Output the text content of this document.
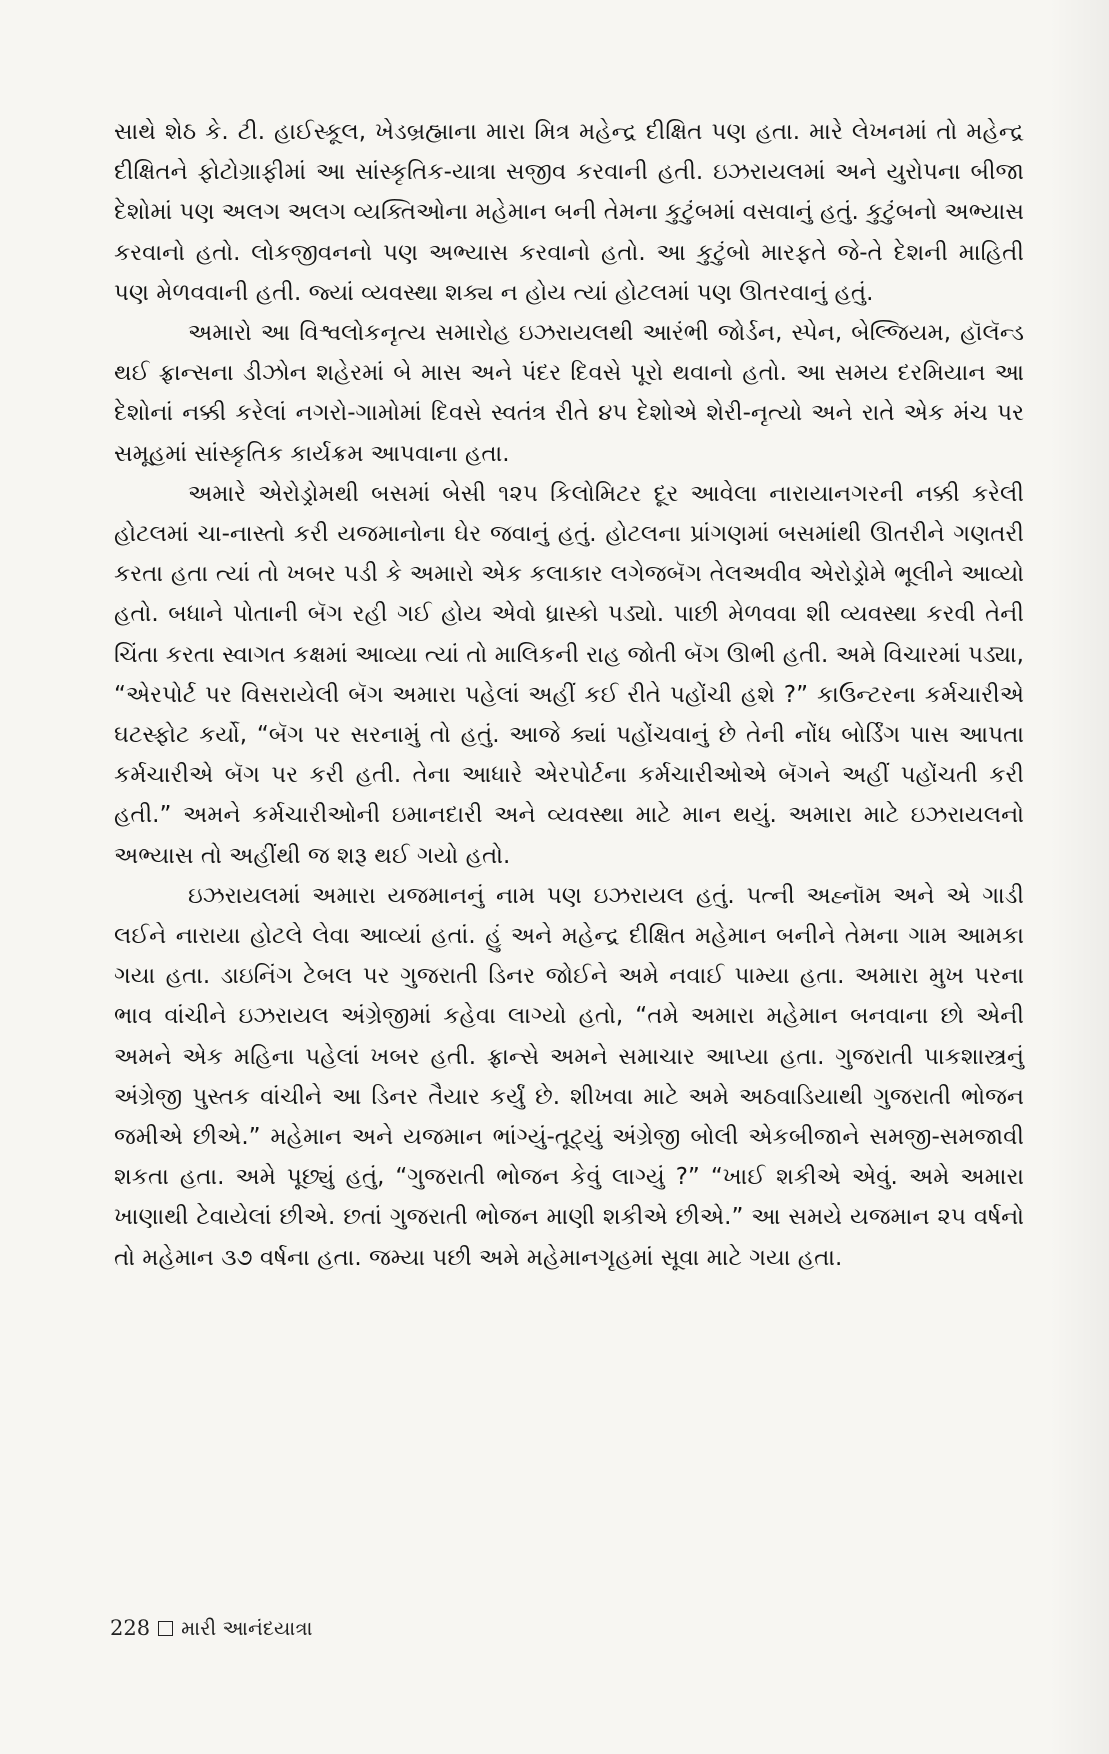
સાથે શેઠ કે. ટી. હાઈસ્કૂલ, ખેડબ્રહ્માના મારા મિત્ર મહેન્દ્ર દીક્ષિત પણ હતા. મારે લેખનમાં તો મહેન્દ્ર દીક્ષિતને ફોટોગ્રાફીમાં આ સાંસ્કૃતિક-યાત્રા સજીવ કરવાની હતી. ઇઝરાયલમાં અને યુરોપના બીજા દેશોમાં પણ અલગ અલગ વ્યક્તિઓના મહેમાન બની તેમના કુટુંબમાં વસવાનું હતું. કુટુંબનો અભ્યાસ કરવાનો હતો. લોકજીવનનો પણ અભ્યાસ કરવાનો હતો. આ કુટુંબો મારફતે જે-તે દેશની માહિતી પણ મેળવવાની હતી. જ્યાં વ્યવસ્થા શક્ય ન હોય ત્યાં હોટલમાં પણ ઊતરવાનું હતું.

અમારો આ વિશ્વલોકનૃત્ય સમારોહ ઇઝરાયલથી આરંભી જોર્ડન, સ્પેન, બેલ્જિયમ, હૉલૅન્ડ થઈ ફ્રાન્સના ડીઝોન શહેરમાં બે માસ અને પંદર દિવસે પૂરો થવાનો હતો. આ સમય દરમિયાન આ દેશોનાં નક્કી કરેલાં નગરો-ગામોમાં દિવસે સ્વતંત્ર રીતે ૪૫ દેશોએ શેરી-નૃત્યો અને રાતે એક મંચ પર સમૂહમાં સાંસ્કૃતિક કાર્યક્રમ આપવાના હતા.

અમારે એરોડ્રોમથી બસમાં બેસી ૧૨૫ કિલોમિટર દૂર આવેલા નારાયાનગરની નક્કી કરેલી હોટલમાં ચા-નાસ્તો કરી યજમાનોના ઘેર જવાનું હતું. હોટલના પ્રાંગણમાં બસમાંથી ઊતરીને ગણતરી કરતા હતા ત્યાં તો ખબર પડી કે અમારો એક કલાકાર લગેજબૅગ તેલઅવીવ એરોડ્રોમે ભૂલીને આવ્યો હતો. બધાને પોતાની બૅગ રહી ગઈ હોય એવો ધ્રાસ્કો પડ્યો. પાછી મેળવવા શી વ્યવસ્થા કરવી તેની ચિંતા કરતા સ્વાગત કક્ષમાં આવ્યા ત્યાં તો માલિકની રાહ જોતી બૅગ ઊભી હતી. અમે વિચારમાં પડ્યા, “એરપોર્ટ પર વિસરાયેલી બૅગ અમારા પહેલાં અહીં કઈ રીતે પહોંચી હશે ?” કાઉન્ટરના કર્મચારીએ ઘટસ્ફોટ કર્યો, “બૅગ પર સરનામું તો હતું. આજે ક્યાં પહોંચવાનું છે તેની નોંધ બોર્ડિંગ પાસ આપતા કર્મચારીએ બૅગ પર કરી હતી. તેના આધારે એરપોર્ટના કર્મચારીઓએ બૅગને અહીં પહોંચતી કરી હતી.” અમને કર્મચારીઓની ઇમાનદારી અને વ્યવસ્થા માટે માન થયું. અમારા માટે ઇઝરાયલનો અભ્યાસ તો અહીંથી જ શરૂ થઈ ગયો હતો.

ઇઝરાયલમાં અમારા યજમાનનું નામ પણ ઇઝરાયલ હતું. પત્ની અહ્નૉમ અને એ ગાડી લઈને નારાયા હોટલે લેવા આવ્યાં હતાં. હું અને મહેન્દ્ર દીક્ષિત મહેમાન બનીને તેમના ગામ આમકા ગયા હતા. ડાઇનિંગ ટેબલ પર ગુજરાતી ડિનર જોઈને અમે નવાઈ પામ્યા હતા. અમારા મુખ પરના ભાવ વાંચીને ઇઝરાયલ અંગ્રેજીમાં કહેવા લાગ્યો હતો, “તમે અમારા મહેમાન બનવાના છો એની અમને એક મહિના પહેલાં ખબર હતી. ફ્રાન્સે અમને સમાચાર આપ્યા હતા. ગુજરાતી પાકશાસ્ત્રનું અંગ્રેજી પુસ્તક વાંચીને આ ડિનર તૈયાર કર્યું છે. શીખવા માટે અમે અઠવાડિયાથી ગુજરાતી ભોજન જમીએ છીએ.” મહેમાન અને યજમાન ભાંગ્યું-તૂટ્યું અંગ્રેજી બોલી એકબીજાને સમજી-સમજાવી શકતા હતા. અમે પૂછ્યું હતું, “ગુજરાતી ભોજન કેવું લાગ્યું ?” “ખાઈ શકીએ એવું. અમે અમારા ખાણાથી ટેવાયેલાં છીએ. છતાં ગુજરાતી ભોજન માણી શકીએ છીએ.” આ સમયે યજમાન ૨૫ વર્ષનો તો મહેમાન ૩૭ વર્ષના હતા. જમ્યા પછી અમે મહેમાનગૃહમાં સૂવા માટે ગયા હતા.

228 મારી આનંદયાત્રા
